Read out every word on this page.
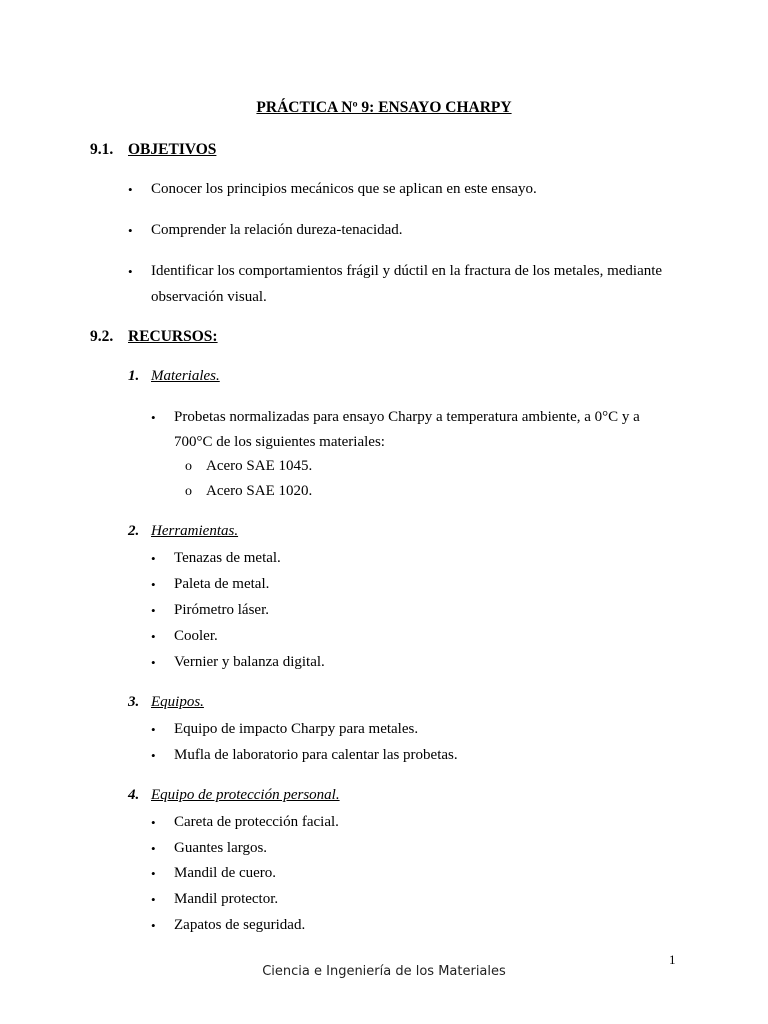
PRÁCTICA Nº 9: ENSAYO CHARPY
9.1. OBJETIVOS
• Conocer los principios mecánicos que se aplican en este ensayo.
• Comprender la relación dureza-tenacidad.
• Identificar los comportamientos frágil y dúctil en la fractura de los metales, mediante
observación visual.
9.2. RECURSOS:
1. Materiales.
• Probetas normalizadas para ensayo Charpy a temperatura ambiente, a 0°C y a
700°C de los siguientes materiales:
o Acero SAE 1045.
o Acero SAE 1020.
2. Herramientas.
• Tenazas de metal.
• Paleta de metal.
• Pirómetro láser.
• Cooler.
• Vernier y balanza digital.
3. Equipos.
• Equipo de impacto Charpy para metales.
• Mufla de laboratorio para calentar las probetas.
4. Equipo de protección personal.
• Careta de protección facial.
• Guantes largos.
• Mandil de cuero.
• Mandil protector.
• Zapatos de seguridad.
1
Ciencia e Ingeniería de los Materiales
